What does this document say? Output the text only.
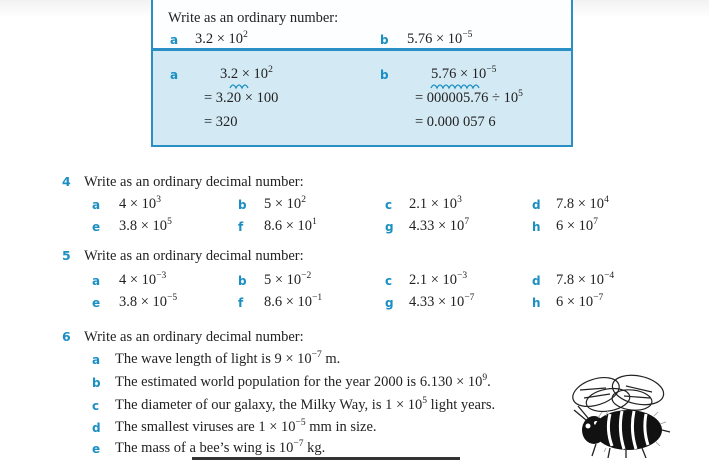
Write as an ordinary number:
a $3.2 \times 10^2$	b $5.76 \times 10^{-5}$
a	$3.2 \times 10^2$
= 3.20 × 100
= 320
b	$5.76 \times 10^{-5}$
= $000005.76 \div 10^5$
= 0.000 057 6
4 Write as an ordinary decimal number:
a $4 \times 10^3$	b $5 \times 10^2$	c $2.1 \times 10^3$	d $7.8 \times 10^4$
e $3.8 \times 10^5$	f $8.6 \times 10^1$	g $4.33 \times 10^7$	h $6 \times 10^7$
5 Write as an ordinary decimal number:
a $4 \times 10^{-3}$	b $5 \times 10^{-2}$	c $2.1 \times 10^{-3}$	d $7.8 \times 10^{-4}$
e $3.8 \times 10^{-5}$	f $8.6 \times 10^{-1}$	g $4.33 \times 10^{-7}$	h $6 \times 10^{-7}$
6 Write as an ordinary decimal number:
a The wave length of light is $9 \times 10^{-7}$ m.
b The estimated world population for the year 2000 is $6.130 \times 10^9$.
c The diameter of our galaxy, the Milky Way, is $1 \times 10^5$ light years.
d The smallest viruses are $1 \times 10^{-5}$ mm in size.
e The mass of a bee’s wing is $10^{-7}$ kg.
